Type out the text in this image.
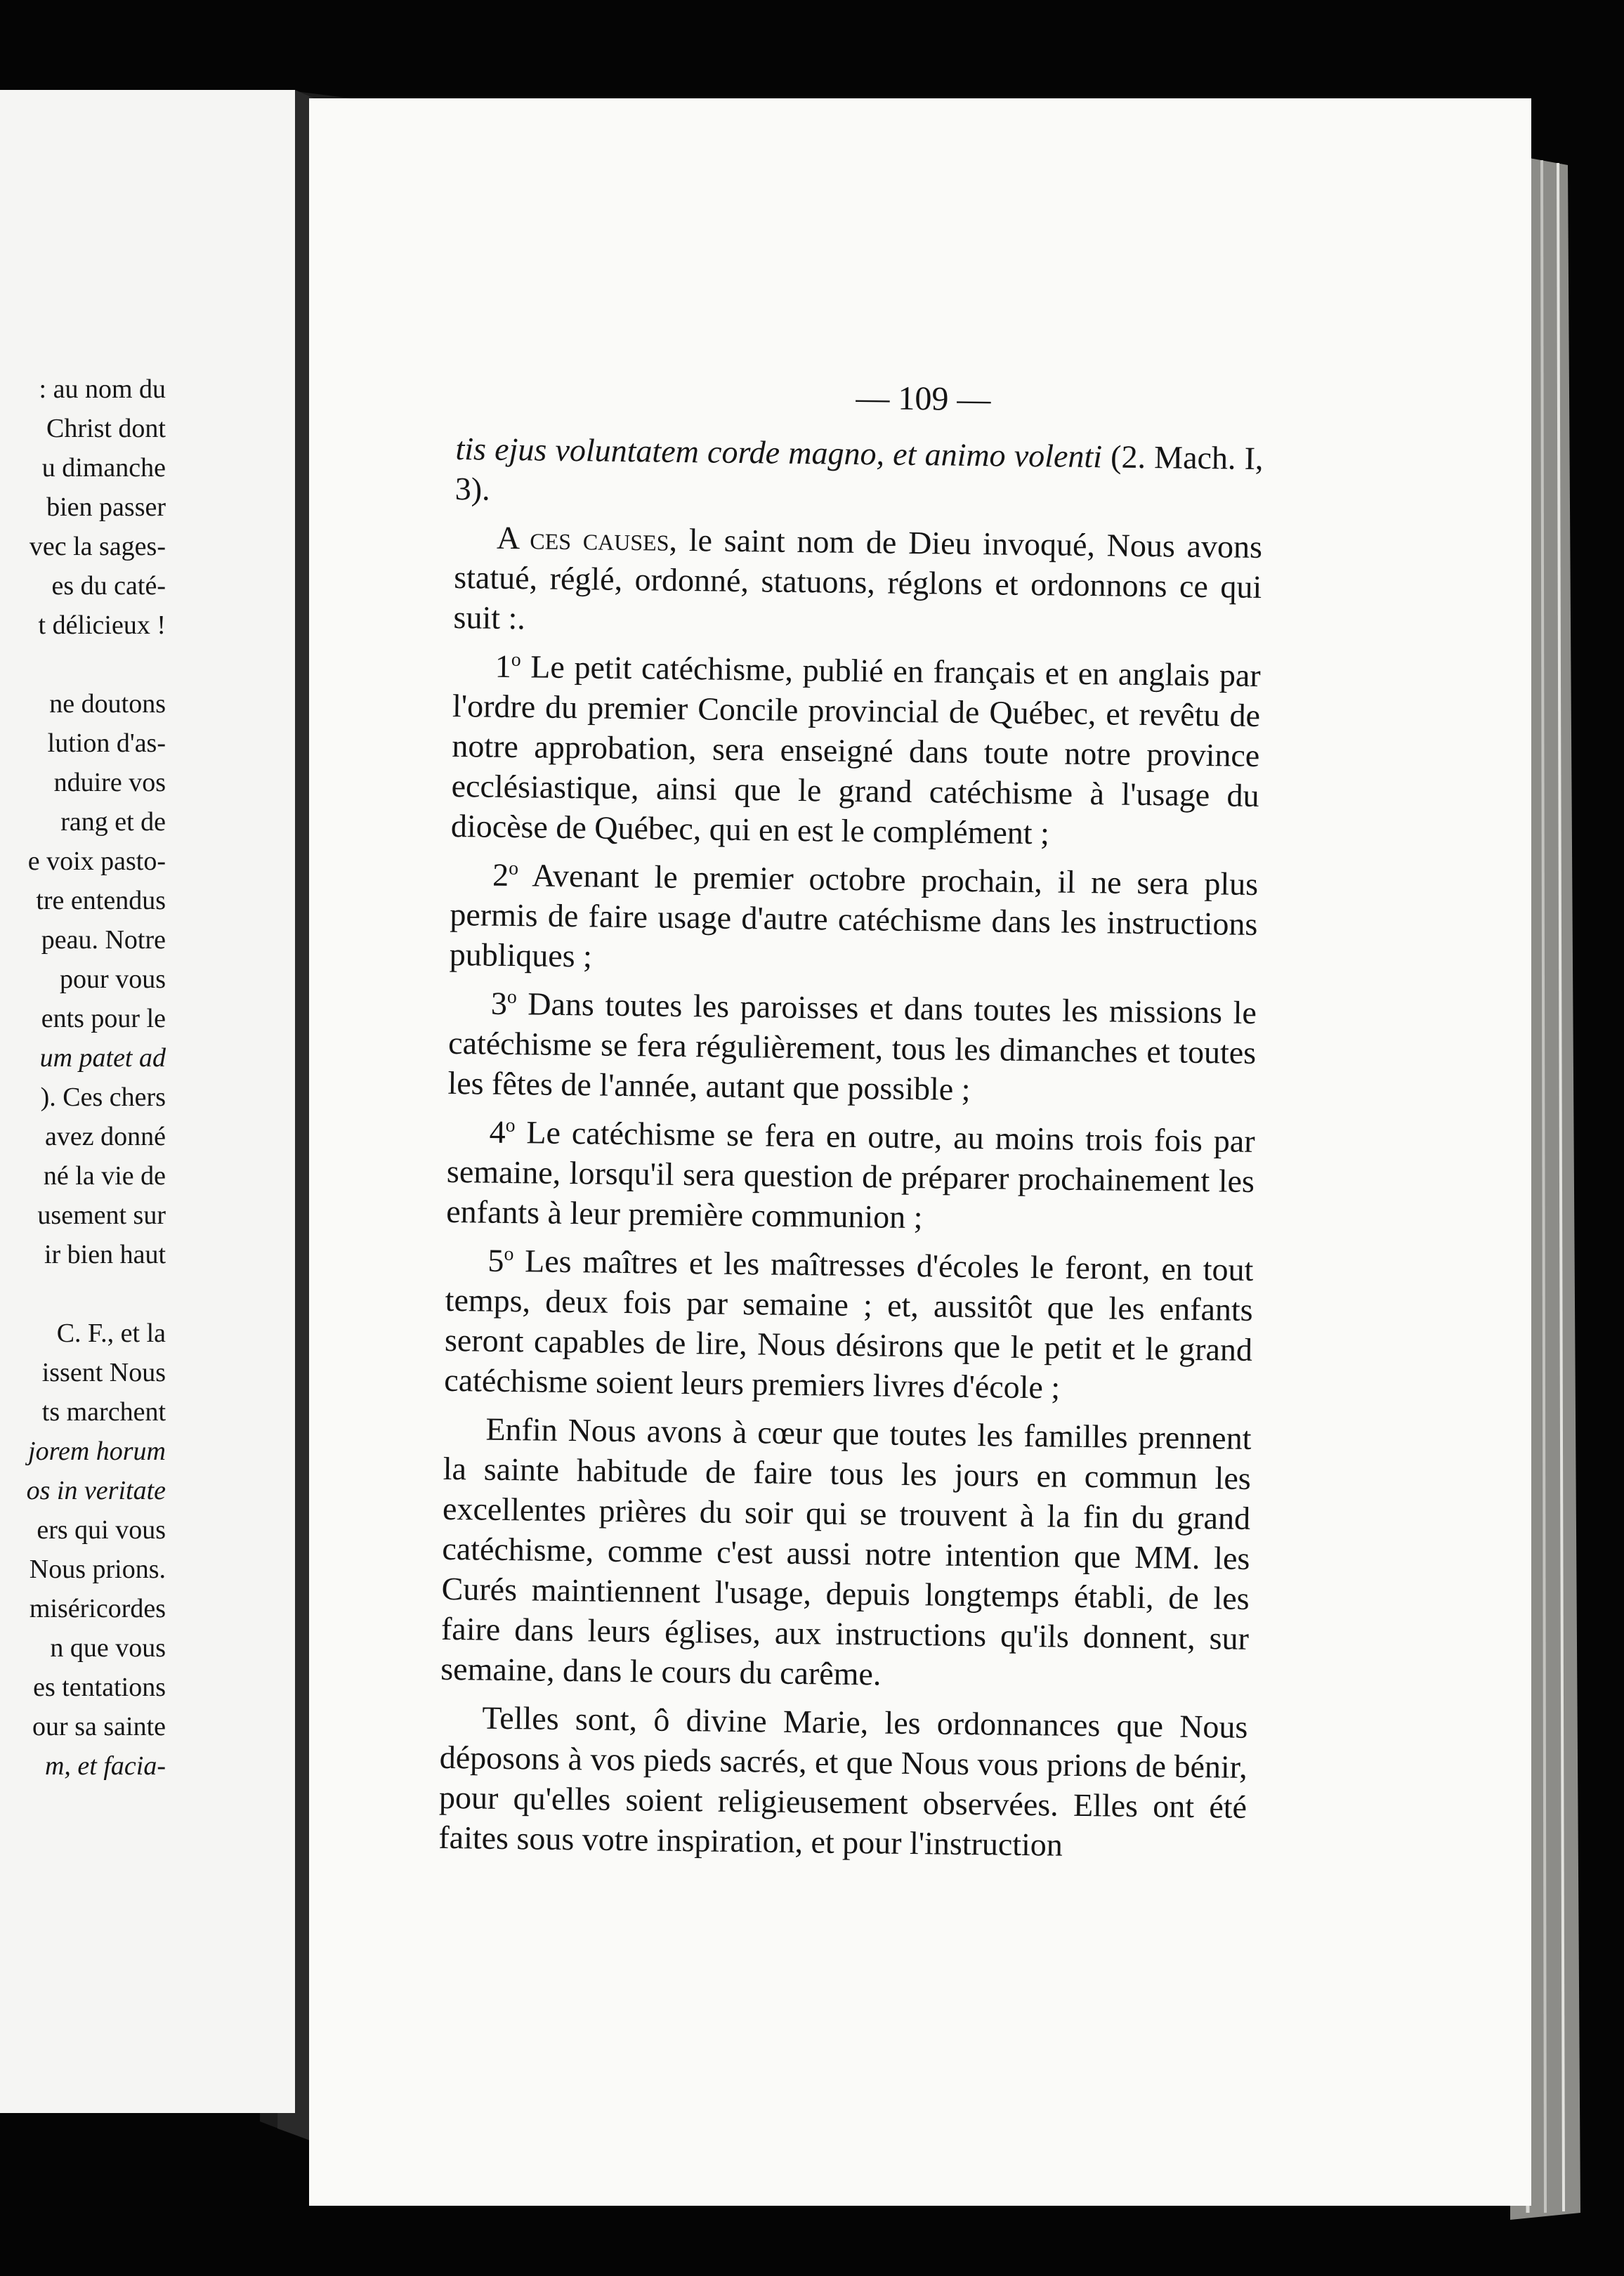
: au nom du
Christ dont
u dimanche
bien passer
vec la sages-
es du caté-
t délicieux !
ne doutons
lution d'as-
nduire vos
rang et de
e voix pasto-
tre entendus
peau. Notre
pour vous
ents pour le
um patet ad
). Ces chers
avez donné
né la vie de
usement sur
ir bien haut
C. F., et la
issent Nous
ts marchent
jorem horum
os in veritate
ers qui vous
Nous prions.
miséricordes
n que vous
es tentations
our sa sainte
m, et facia-
— 109 —

tis ejus voluntatem corde magno, et animo volenti (2. Mach. I, 3).

A ces causes, le saint nom de Dieu invoqué, Nous avons statué, réglé, ordonné, statuons, réglons et ordonnons ce qui suit :.

1$^o$ Le petit catéchisme, publié en français et en anglais par l'ordre du premier Concile provincial de Québec, et revêtu de notre approbation, sera enseigné dans toute notre province ecclésiastique, ainsi que le grand catéchisme à l'usage du diocèse de Québec, qui en est le complément ;

2$^o$ Avenant le premier octobre prochain, il ne sera plus permis de faire usage d'autre catéchisme dans les instructions publiques ;

3$^o$ Dans toutes les paroisses et dans toutes les missions le catéchisme se fera régulièrement, tous les dimanches et toutes les fêtes de l'année, autant que possible ;

4$^o$ Le catéchisme se fera en outre, au moins trois fois par semaine, lorsqu'il sera question de préparer prochainement les enfants à leur première communion ;

5$^o$ Les maîtres et les maîtresses d'écoles le feront, en tout temps, deux fois par semaine ; et, aussitôt que les enfants seront capables de lire, Nous désirons que le petit et le grand catéchisme soient leurs premiers livres d'école ;

Enfin Nous avons à cœur que toutes les familles prennent la sainte habitude de faire tous les jours en commun les excellentes prières du soir qui se trouvent à la fin du grand catéchisme, comme c'est aussi notre intention que MM. les Curés maintiennent l'usage, depuis longtemps établi, de les faire dans leurs églises, aux instructions qu'ils donnent, sur semaine, dans le cours du carême.

Telles sont, ô divine Marie, les ordonnances que Nous déposons à vos pieds sacrés, et que Nous vous prions de bénir, pour qu'elles soient religieusement observées. Elles ont été faites sous votre inspiration, et pour l'instruction
